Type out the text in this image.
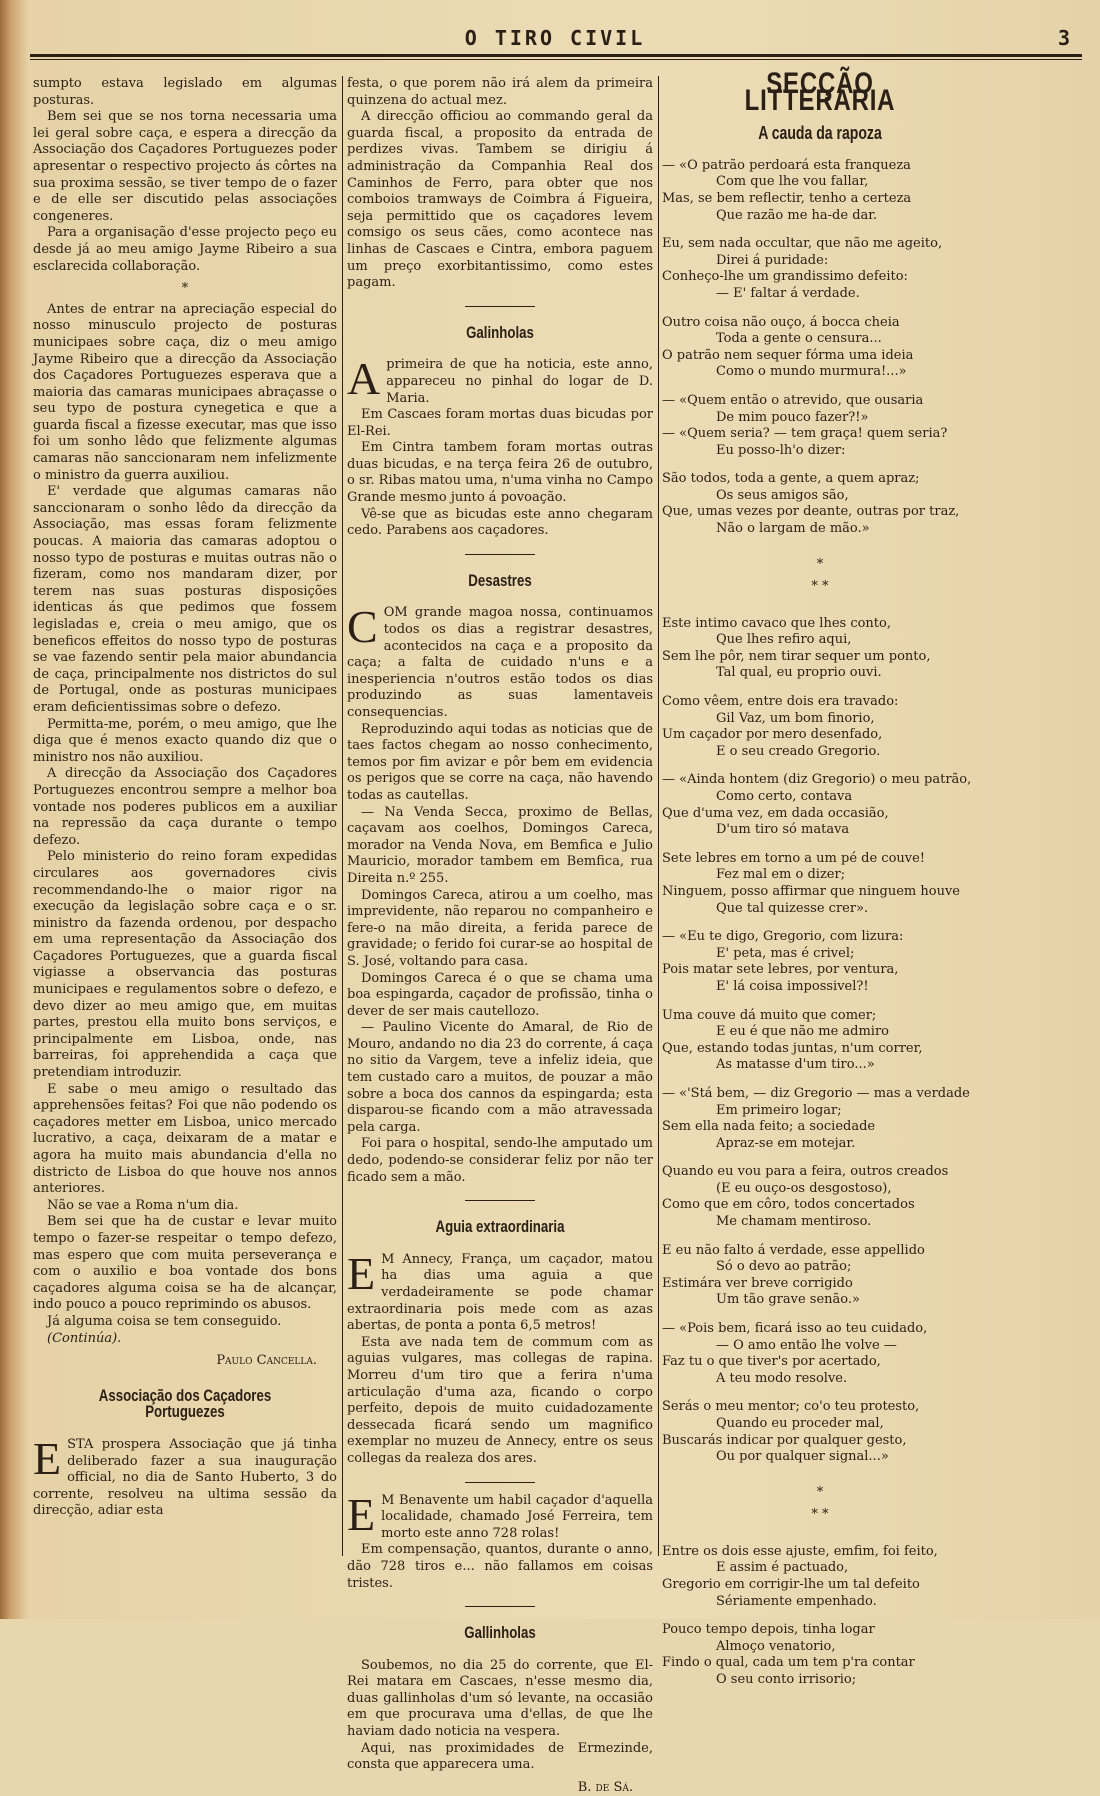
O TIRO CIVIL	3

sumpto estava legislado em algumas posturas.

Bem sei que se nos torna necessaria uma lei geral sobre caça, e espera a direcção da Associação dos Caçadores Portuguezes poder apresentar o respectivo projecto ás côrtes na sua proxima sessão, se tiver tempo de o fazer e de elle ser discutido pelas associações congeneres.

Para a organisação d'esse projecto peço eu desde já ao meu amigo Jayme Ribeiro a sua esclarecida collaboração.

*

Antes de entrar na apreciação especial do nosso minusculo projecto de posturas municipaes sobre caça, diz o meu amigo Jayme Ribeiro que a direcção da Associação dos Caçadores Portuguezes esperava que a maioria das camaras municipaes abraçasse o seu typo de postura cynegetica e que a guarda fiscal a fizesse executar, mas que isso foi um sonho lêdo que felizmente algumas camaras não sanccionaram nem infelizmente o ministro da guerra auxiliou.

E' verdade que algumas camaras não sanccionaram o sonho lêdo da direcção da Associação, mas essas foram felizmente poucas. A maioria das camaras adoptou o nosso typo de posturas e muitas outras não o fizeram, como nos mandaram dizer, por terem nas suas posturas disposições identicas ás que pedimos que fossem legisladas e, creia o meu amigo, que os beneficos effeitos do nosso typo de posturas se vae fazendo sentir pela maior abundancia de caça, principalmente nos districtos do sul de Portugal, onde as posturas municipaes eram deficientissimas sobre o defezo.

Permitta-me, porém, o meu amigo, que lhe diga que é menos exacto quando diz que o ministro nos não auxiliou.

A direcção da Associação dos Caçadores Portuguezes encontrou sempre a melhor boa vontade nos poderes publicos em a auxiliar na repressão da caça durante o tempo defezo.

Pelo ministerio do reino foram expedidas circulares aos governadores civis recommendando-lhe o maior rigor na execução da legislação sobre caça e o sr. ministro da fazenda ordenou, por despacho em uma representação da Associação dos Caçadores Portuguezes, que a guarda fiscal vigiasse a observancia das posturas municipaes e regulamentos sobre o defezo, e devo dizer ao meu amigo que, em muitas partes, prestou ella muito bons serviços, e principalmente em Lisboa, onde, nas barreiras, foi apprehendida a caça que pretendiam introduzir.

E sabe o meu amigo o resultado das apprehensões feitas? Foi que não podendo os caçadores metter em Lisboa, unico mercado lucrativo, a caça, deixaram de a matar e agora ha muito mais abundancia d'ella no districto de Lisboa do que houve nos annos anteriores.

Não se vae a Roma n'um dia.

Bem sei que ha de custar e levar muito tempo o fazer-se respeitar o tempo defezo, mas espero que com muita perseverança e com o auxilio e boa vontade dos bons caçadores alguma coisa se ha de alcançar, indo pouco a pouco reprimindo os abusos.

Já alguma coisa se tem conseguido.

(Continúa).
Paulo Cancella.
Associação dos Caçadores Portuguezes

ESTA prospera Associação que já tinha deliberado fazer a sua inauguração official, no dia de Santo Huberto, 3 do corrente, resolveu na ultima sessão da direcção, adiar esta

festa, o que porem não irá alem da primeira quinzena do actual mez.

A direcção officiou ao commando geral da guarda fiscal, a proposito da entrada de perdizes vivas. Tambem se dirigiu á administração da Companhia Real dos Caminhos de Ferro, para obter que nos comboios tramways de Coimbra á Figueira, seja permittido que os caçadores levem comsigo os seus cães, como acontece nas linhas de Cascaes e Cintra, embora paguem um preço exorbitantissimo, como estes pagam.

Galinholas

Aprimeira de que ha noticia, este anno, appareceu no pinhal do logar de D. Maria.

Em Cascaes foram mortas duas bicudas por El-Rei.

Em Cintra tambem foram mortas outras duas bicudas, e na terça feira 26 de outubro, o sr. Ribas matou uma, n'uma vinha no Campo Grande mesmo junto á povoação.

Vê-se que as bicudas este anno chegaram cedo. Parabens aos caçadores.

Desastres

COM grande magoa nossa, continuamos todos os dias a registrar desastres, acontecidos na caça e a proposito da caça; a falta de cuidado n'uns e a inesperiencia n'outros estão todos os dias produzindo as suas lamentaveis consequencias.

Reproduzindo aqui todas as noticias que de taes factos chegam ao nosso conhecimento, temos por fim avizar e pôr bem em evidencia os perigos que se corre na caça, não havendo todas as cautellas.

— Na Venda Secca, proximo de Bellas, caçavam aos coelhos, Domingos Careca, morador na Venda Nova, em Bemfica e Julio Mauricio, morador tambem em Bemfica, rua Direita n.º 255.

Domingos Careca, atirou a um coelho, mas imprevidente, não reparou no companheiro e fere-o na mão direita, a ferida parece de gravidade; o ferido foi curar-se ao hospital de S. José, voltando para casa.

Domingos Careca é o que se chama uma boa espingarda, caçador de profissão, tinha o dever de ser mais cautellozo.

— Paulino Vicente do Amaral, de Rio de Mouro, andando no dia 23 do corrente, á caça no sitio da Vargem, teve a infeliz ideia, que tem custado caro a muitos, de pouzar a mão sobre a boca dos cannos da espingarda; esta disparou-se ficando com a mão atravessada pela carga.

Foi para o hospital, sendo-lhe amputado um dedo, podendo-se considerar feliz por não ter ficado sem a mão.

Aguia extraordinaria

E M Annecy, França, um caçador, matou ha dias uma aguia a que verdadeiramente se pode chamar extraordinaria pois mede com as azas abertas, de ponta a ponta 6,5 metros!

Esta ave nada tem de commum com as aguias vulgares, mas collegas de rapina. Morreu d'um tiro que a ferira n'uma articulação d'uma aza, ficando o corpo perfeito, depois de muito cuidadozamente dessecada ficará sendo um magnifico exemplar no muzeu de Annecy, entre os seus collegas da realeza dos ares.

E M Benavente um habil caçador d'aquella localidade, chamado José Ferreira, tem morto este anno 728 rolas!

Em compensação, quantos, durante o anno, dão 728 tiros e... não fallamos em coisas tristes.

Gallinholas

Soubemos, no dia 25 do corrente, que El-Rei matara em Cascaes, n'esse mesmo dia, duas gallinholas d'um só levante, na occasião em que procurava uma d'ellas, de que lhe haviam dado noticia na vespera.

Aqui, nas proximidades de Ermezinde, consta que apparecera uma.

B. de Sá.
SECÇÃO LITTERARIA
A cauda da rapoza
— «O patrão perdoará esta franqueza
Com que lhe vou fallar,
Mas, se bem reflectir, tenho a certeza
Que razão me ha-de dar.
Eu, sem nada occultar, que não me ageito,
Direi á puridade:
Conheço-lhe um grandissimo defeito:
— E' faltar á verdade.
Outro coisa não ouço, á bocca cheia
Toda a gente o censura...
O patrão nem sequer fórma uma ideia
Como o mundo murmura!...»
— «Quem então o atrevido, que ousaria
De mim pouco fazer?!»
— «Quem seria? — tem graça! quem seria?
Eu posso-lh'o dizer:
São todos, toda a gente, a quem apraz;
Os seus amigos são,
Que, umas vezes por deante, outras por traz,
Não o largam de mão.»
*
* *
Este intimo cavaco que lhes conto,
Que lhes refiro aqui,
Sem lhe pôr, nem tirar sequer um ponto,
Tal qual, eu proprio ouvi.
Como vêem, entre dois era travado:
Gil Vaz, um bom finorio,
Um caçador por mero desenfado,
E o seu creado Gregorio.
— «Ainda hontem (diz Gregorio) o meu patrão,
Como certo, contava
Que d'uma vez, em dada occasião,
D'um tiro só matava
Sete lebres em torno a um pé de couve!
Fez mal em o dizer;
Ninguem, posso affirmar que ninguem houve
Que tal quizesse crer».
— «Eu te digo, Gregorio, com lizura:
E' peta, mas é crivel;
Pois matar sete lebres, por ventura,
E' lá coisa impossivel?!
Uma couve dá muito que comer;
E eu é que não me admiro
Que, estando todas juntas, n'um correr,
As matasse d'um tiro...»
— «'Stá bem, — diz Gregorio — mas a verdade
Em primeiro logar;
Sem ella nada feito; a sociedade
Apraz-se em motejar.
Quando eu vou para a feira, outros creados
(E eu ouço-os desgostoso),
Como que em côro, todos concertados
Me chamam mentiroso.
E eu não falto á verdade, esse appellido
Só o devo ao patrão;
Estimára ver breve corrigido
Um tão grave senão.»
— «Pois bem, ficará isso ao teu cuidado,
— O amo então lhe volve —
Faz tu o que tiver's por acertado,
A teu modo resolve.
Serás o meu mentor; co'o teu protesto,
Quando eu proceder mal,
Buscarás indicar por qualquer gesto,
Ou por qualquer signal...»
*
* *
Entre os dois esse ajuste, emfim, foi feito,
E assim é pactuado,
Gregorio em corrigir-lhe um tal defeito
Sériamente empenhado.
Pouco tempo depois, tinha logar
Almoço venatorio,
Findo o qual, cada um tem p'ra contar
O seu conto irrisorio;
